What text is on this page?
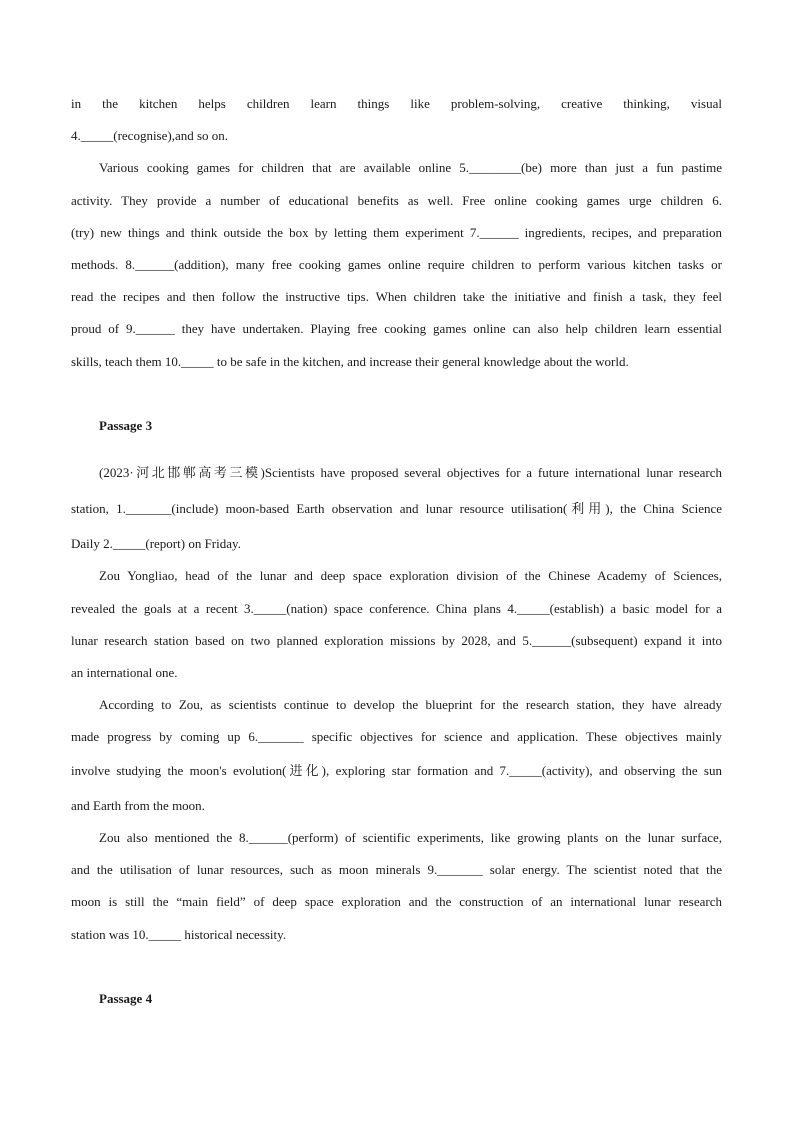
in the kitchen helps children learn things like problem-solving, creative thinking, visual
4._____(recognise),and so on.
Various cooking games for children that are available online 5.________(be) more than just a fun pastime
activity. They provide a number of educational benefits as well. Free online cooking games urge children 6.
(try) new things and think outside the box by letting them experiment 7.______ ingredients, recipes, and preparation
methods. 8.______(addition), many free cooking games online require children to perform various kitchen tasks or
read the recipes and then follow the instructive tips. When children take the initiative and finish a task, they feel
proud of 9.______ they have undertaken. Playing free cooking games online can also help children learn essential
skills, teach them 10._____ to be safe in the kitchen, and increase their general knowledge about the world.
Passage 3
(2023·河北邯郸高考三模)Scientists have proposed several objectives for a future international lunar research
station, 1._______(include) moon-based Earth observation and lunar resource utilisation(利用), the China Science
Daily 2._____(report) on Friday.
Zou Yongliao, head of the lunar and deep space exploration division of the Chinese Academy of Sciences,
revealed the goals at a recent 3._____(nation) space conference. China plans 4._____(establish) a basic model for a
lunar research station based on two planned exploration missions by 2028, and 5.______(subsequent) expand it into
an international one.
According to Zou, as scientists continue to develop the blueprint for the research station, they have already
made progress by coming up 6._______ specific objectives for science and application. These objectives mainly
involve studying the moon's evolution(进化), exploring star formation and 7._____(activity), and observing the sun
and Earth from the moon.
Zou also mentioned the 8.______(perform) of scientific experiments, like growing plants on the lunar surface,
and the utilisation of lunar resources, such as moon minerals 9._______ solar energy. The scientist noted that the
moon is still the “main field” of deep space exploration and the construction of an international lunar research
station was 10._____ historical necessity.
Passage 4
